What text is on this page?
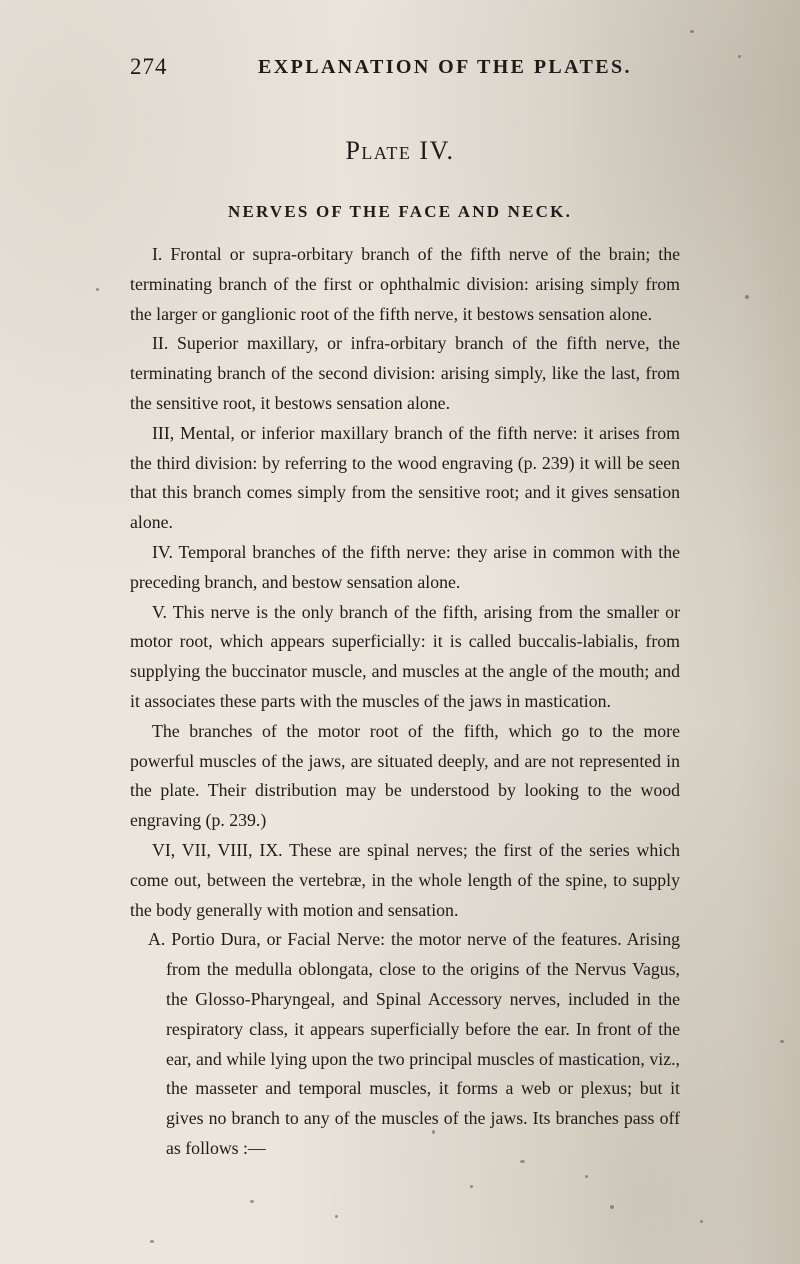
274	EXPLANATION OF THE PLATES.
Plate IV.
NERVES OF THE FACE AND NECK.

I. Frontal or supra-orbitary branch of the fifth nerve of the brain; the terminating branch of the first or ophthalmic division: arising simply from the larger or ganglionic root of the fifth nerve, it bestows sensation alone.

II. Superior maxillary, or infra-orbitary branch of the fifth nerve, the terminating branch of the second division: arising simply, like the last, from the sensitive root, it bestows sensation alone.

III, Mental, or inferior maxillary branch of the fifth nerve: it arises from the third division: by referring to the wood engraving (p. 239) it will be seen that this branch comes simply from the sensitive root; and it gives sensation alone.

IV. Temporal branches of the fifth nerve: they arise in common with the preceding branch, and bestow sensation alone.

V. This nerve is the only branch of the fifth, arising from the smaller or motor root, which appears superficially: it is called buccalis-labialis, from supplying the buccinator muscle, and muscles at the angle of the mouth; and it associates these parts with the muscles of the jaws in mastication.

The branches of the motor root of the fifth, which go to the more powerful muscles of the jaws, are situated deeply, and are not represented in the plate. Their distribution may be understood by looking to the wood engraving (p. 239.)

VI, VII, VIII, IX. These are spinal nerves; the first of the series which come out, between the vertebræ, in the whole length of the spine, to supply the body generally with motion and sensation.

A. Portio Dura, or Facial Nerve: the motor nerve of the features. Arising from the medulla oblongata, close to the origins of the Nervus Vagus, the Glosso-Pharyngeal, and Spinal Accessory nerves, included in the respiratory class, it appears superficially before the ear. In front of the ear, and while lying upon the two principal muscles of mastication, viz., the masseter and temporal muscles, it forms a web or plexus; but it gives no branch to any of the muscles of the jaws. Its branches pass off as follows :—
